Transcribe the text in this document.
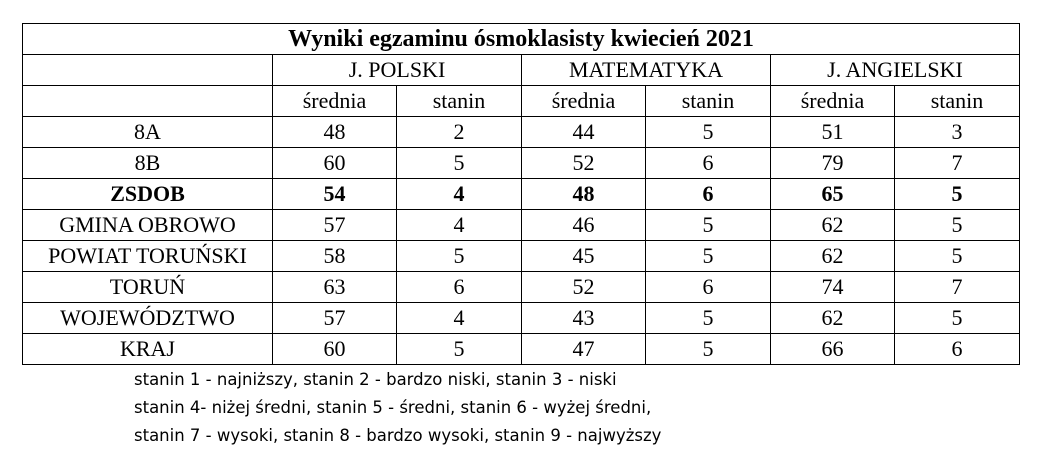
Wyniki egzaminu ósmoklasisty kwiecień 2021						
	J. POLSKI		MATEMATYKA		J. ANGIELSKI	
	średnia	stanin	średnia	stanin	średnia	stanin
8A	48	2	44	5	51	3
8B	60	5	52	6	79	7
ZSDOB	54	4	48	6	65	5
GMINA OBROWO	57	4	46	5	62	5
POWIAT TORUŃSKI	58	5	45	5	62	5
TORUŃ	63	6	52	6	74	7
WOJEWÓDZTWO	57	4	43	5	62	5
KRAJ	60	5	47	5	66	6
stanin 1 - najniższy, stanin 2 - bardzo niski, stanin 3 - niski
stanin 4- niżej średni, stanin 5 - średni, stanin 6 - wyżej średni,
stanin 7 - wysoki, stanin 8 - bardzo wysoki, stanin 9 - najwyższy
